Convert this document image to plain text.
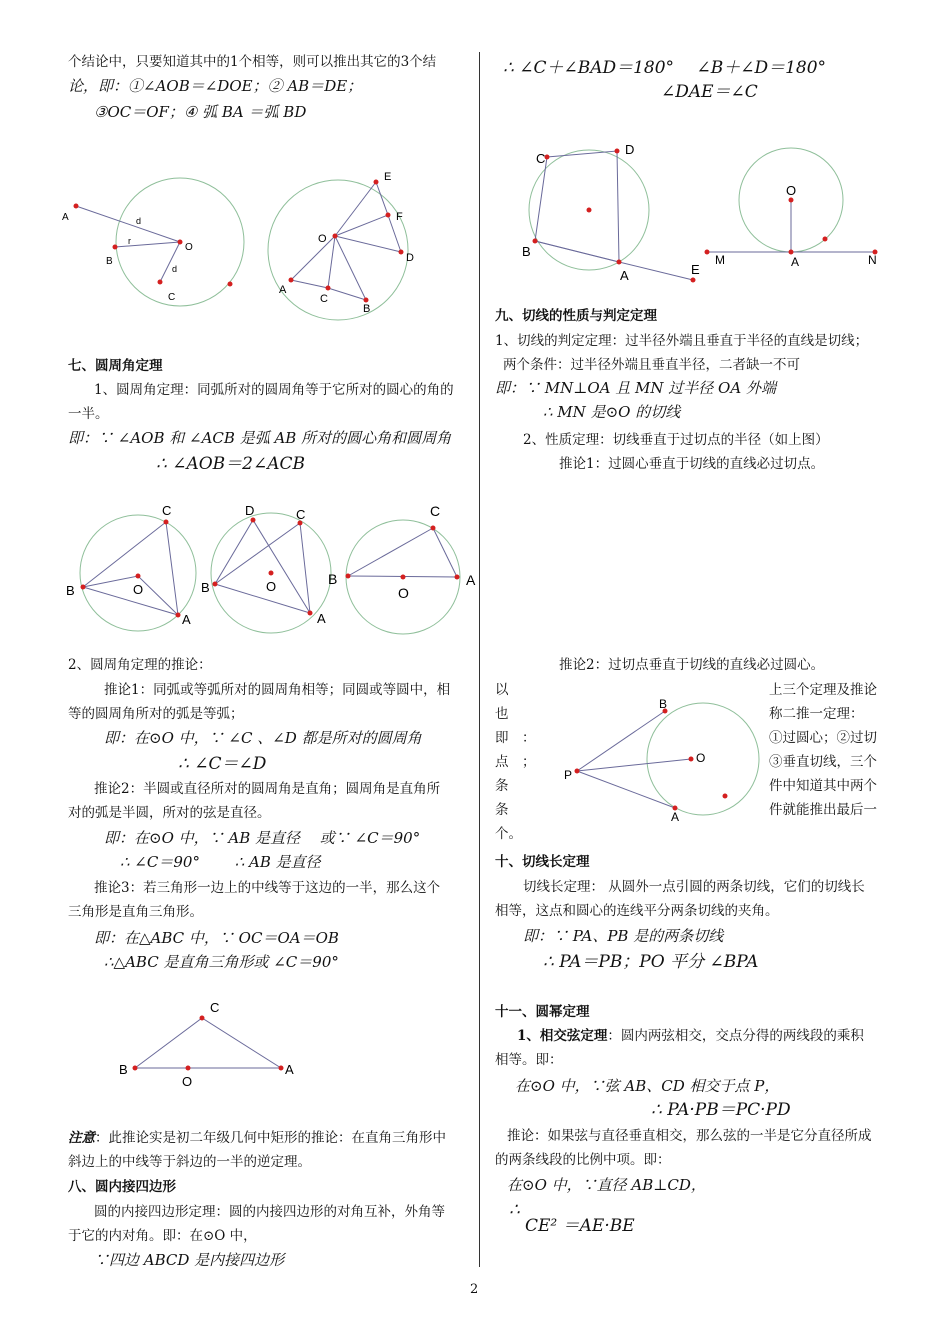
个结论中，只要知道其中的1个相等，则可以推出其它的3个结
论，即：①∠AOB＝∠DOE；② AB＝DE；
③OC＝OF；④ 弧 BA ＝弧 BD
A	d
r
O
B
d
C
E
F
O
D
A
C
B
七、圆周角定理
1、圆周角定理：同弧所对的圆周角等于它所对的圆心的角的
一半。
即：∵ ∠AOB 和 ∠ACB 是弧 AB 所对的圆心角和圆周角
∴ ∠AOB＝2∠ACB
C
B	O
A
D	C
B	O
A
C
B
O
A
2、圆周角定理的推论：
推论1：同弧或等弧所对的圆周角相等；同圆或等圆中，相
等的圆周角所对的弧是等弧；
即：在⊙O 中，∵ ∠C 、∠D 都是所对的圆周角
∴ ∠C＝∠D
推论2：半圆或直径所对的圆周角是直角；圆周角是直角所
对的弧是半圆，所对的弦是直径。
即：在⊙O 中，∵ AB 是直径　 或∵ ∠C＝90°
∴ ∠C＝90°　　 ∴ AB 是直径
推论3：若三角形一边上的中线等于这边的一半，那么这个
三角形是直角三角形。
即：在△ABC 中，∵ OC＝OA＝OB
∴△ABC 是直角三角形或 ∠C＝90°
C
B
O
A
注意：此推论实是初二年级几何中矩形的推论：在直角三角形中
斜边上的中线等于斜边的一半的逆定理。
八、圆内接四边形
圆的内接四边形定理：圆的内接四边形的对角互补，外角等
于它的内对角。即：在⊙O 中，
∵四边 ABCD 是内接四边形
∴ ∠C＋∠BAD＝180°　 ∠B＋∠D＝180°
∠DAE＝∠C
C
D
B
A	E
O
M	A	N
九、切线的性质与判定定理
1、切线的判定定理：过半径外端且垂直于半径的直线是切线；
两个条件：过半径外端且垂直半径，二者缺一不可
即：∵ MN⊥OA 且 MN 过半径 OA 外端
∴ MN 是⊙O 的切线
2、性质定理：切线垂直于过切点的半径（如上图）
推论1：过圆心垂直于切线的直线必过切点。
推论2：过切点垂直于切线的直线必过圆心。
以
也
即　：
点　；
条
条
个。
上三个定理及推论
称二推一定理：
①过圆心；②过切
③垂直切线，三个
件中知道其中两个
件就能推出最后一
B
O
P
A
十、切线长定理
切线长定理： 从圆外一点引圆的两条切线，它们的切线长
相等，这点和圆心的连线平分两条切线的夹角。
即：∵ PA、PB 是的两条切线
∴ PA＝PB；PO 平分 ∠BPA
十一、圆幂定理
1、相交弦定理：圆内两弦相交，交点分得的两线段的乘积
相等。即：
在⊙O 中，∵弦 AB、CD 相交于点 P，
∴ PA·PB＝PC·PD
推论：如果弦与直径垂直相交，那么弦的一半是它分直径所成
的两条线段的比例中项。即：
在⊙O 中，∵直径 AB⊥CD，
∴
CE² ＝AE·BE
2
